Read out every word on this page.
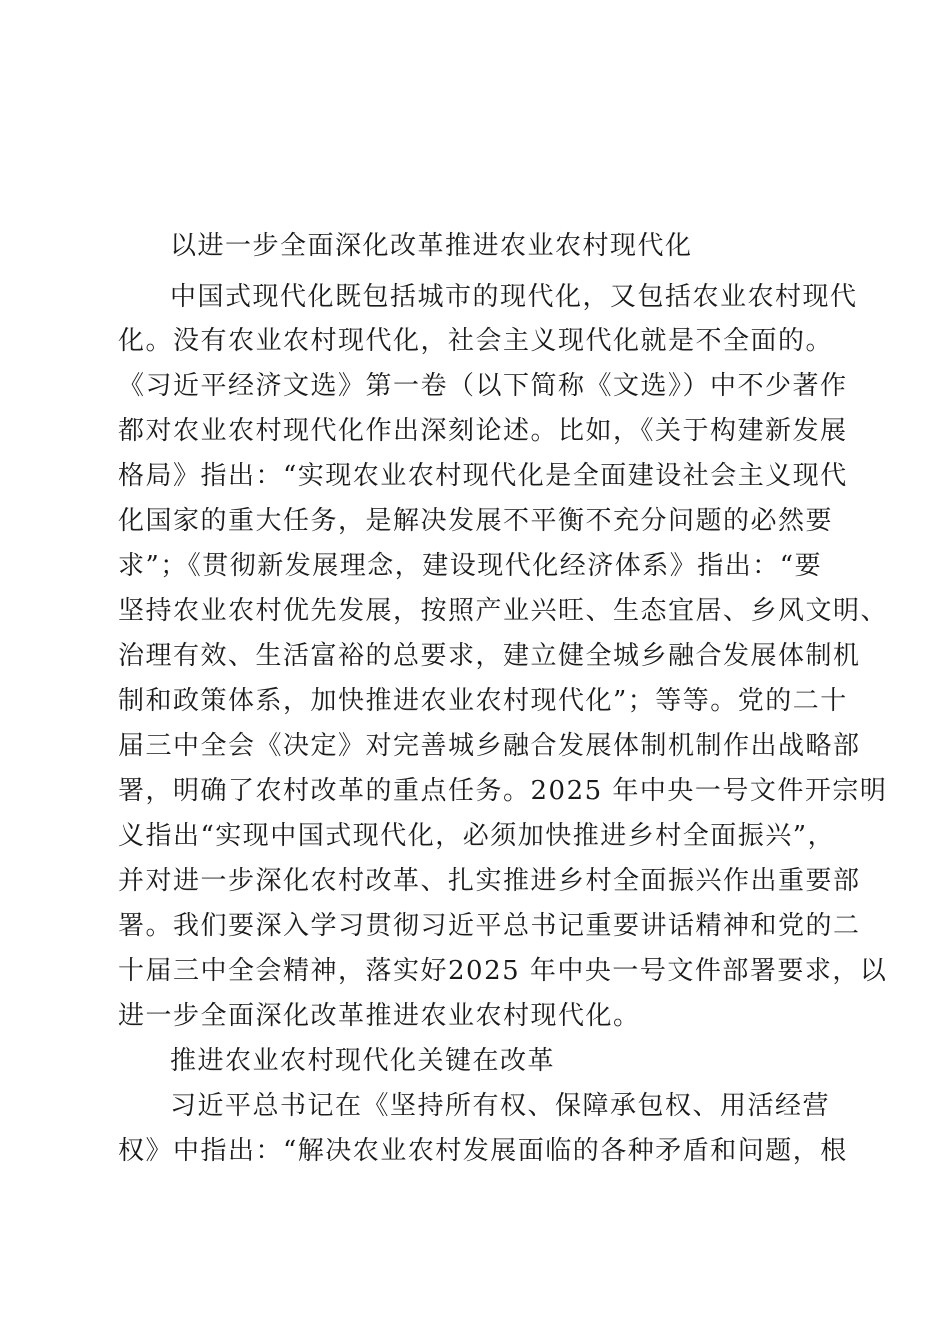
以进一步全面深化改革推进农业农村现代化

中国式现代化既包括城市的现代化，又包括农业农村现代

化。没有农业农村现代化，社会主义现代化就是不全面的。

《习近平经济文选》第一卷（以下简称《文选》）中不少著作

都对农业农村现代化作出深刻论述。比如，《关于构建新发展

格局》指出：“实现农业农村现代化是全面建设社会主义现代

化国家的重大任务，是解决发展不平衡不充分问题的必然要

求”；《贯彻新发展理念，建设现代化经济体系》指出：“要

坚持农业农村优先发展，按照产业兴旺、生态宜居、乡风文明、

治理有效、生活富裕的总要求，建立健全城乡融合发展体制机

制和政策体系，加快推进农业农村现代化”；等等。党的二十

届三中全会《决定》对完善城乡融合发展体制机制作出战略部

署，明确了农村改革的重点任务。2025 年中央一号文件开宗明

义指出“实现中国式现代化，必须加快推进乡村全面振兴”，

并对进一步深化农村改革、扎实推进乡村全面振兴作出重要部

署。我们要深入学习贯彻习近平总书记重要讲话精神和党的二

十届三中全会精神，落实好2025 年中央一号文件部署要求，以

进一步全面深化改革推进农业农村现代化。

推进农业农村现代化关键在改革

习近平总书记在《坚持所有权、保障承包权、用活经营

权》中指出：“解决农业农村发展面临的各种矛盾和问题，根
